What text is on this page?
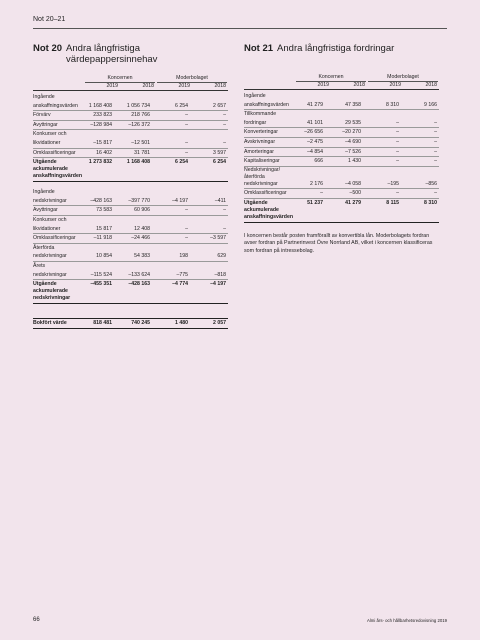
Not 20–21
Not 20 Andra långfristiga värdepappersinnehav
Koncernen	Moderbolaget
2019	2018	2019	2018
Ingående anskaffningsvärden	1 168 408	1 056 734	6 254	2 657
Förvärv	233 823	218 766	–	–
Avyttringar	–128 984	–126 372	–	–
Konkurser och likvidationer	–15 817	–12 501	–	–
Omklassificeringar	16 402	31 781	–	3 597
Utgående ackumulerade anskaffningsvärden	1 273 832	1 168 408	6 254	6 254

Ingående nedskrivningar	–428 163	–397 770	–4 197	–411
Avyttringar	73 583	60 906	–	–
Konkurser och likvidationer	15 817	12 408	–	–
Omklassificeringar	–11 918	–24 466	–	–3 597
Återförda nedskrivningar	10 854	54 383	198	629
Årets nedskrivningar	–115 524	–133 624	–775	–818
Utgående ackumulerade nedskrivningar	–455 351	–428 163	–4 774	–4 197

Bokfört värde	818 481	740 245	1 480	2 057
Not 21 Andra långfristiga fordringar
Koncernen	Moderbolaget
2019	2018	2019	2018
Ingående anskaffningsvärden	41 279	47 358	8 310	9 166
Tillkommande fordringar	41 101	29 535	–	–
Konverteringar	–26 656	–20 270	–	–
Avskrivningar	–2 475	–4 690	–	–
Amorteringar	–4 854	–7 526	–	–
Kapitaliseringar	666	1 430	–	–

Nedskrivningar/återförda
nedskrivningar	2 176	–4 058	–195	–856
Omklassificeringar	–	–500	–	–
Utgående ackumulerade anskaffningsvärden	51 237	41 279	8 115	8 310

I koncernen består posten framförallt av konvertibla lån. Moderbolagets fordran avser fordran på Partnerinvest Övre Norrland AB, vilket i koncernen klassificeras som fordran på intressebolag.

66	Almi års- och hållbarhetsredovisning 2019
